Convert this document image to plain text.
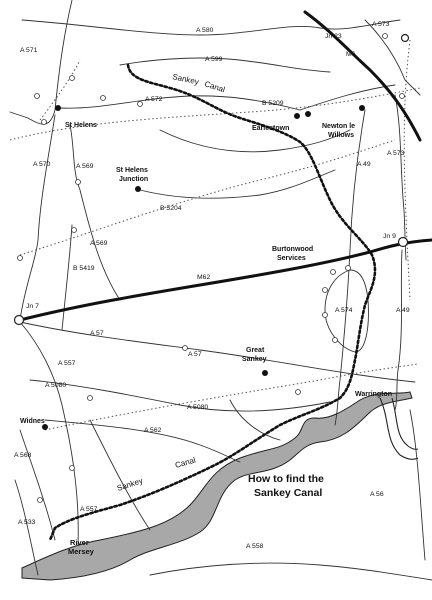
St Helens	Earlestown	Newton le
Willows
St Helens
Junction
Burtonwood
Services
Great
Sankey
Warrington
Widnes
Jn 23
Jn 9
Jn 7
M6
M62
A 571
A 580
A 573
A 599
A 572
B 5209
A 570	A 569
A 573
A 49
B 5204
A 569
B 5419
A 574	A 49
A 57
A 557
A 57
A 5080
A 5080
A 562
A 568
A 557
A 533
A 56
A 558
Sankey
Canal
Sankey
Canal
River
Mersey
How to find the
Sankey Canal
